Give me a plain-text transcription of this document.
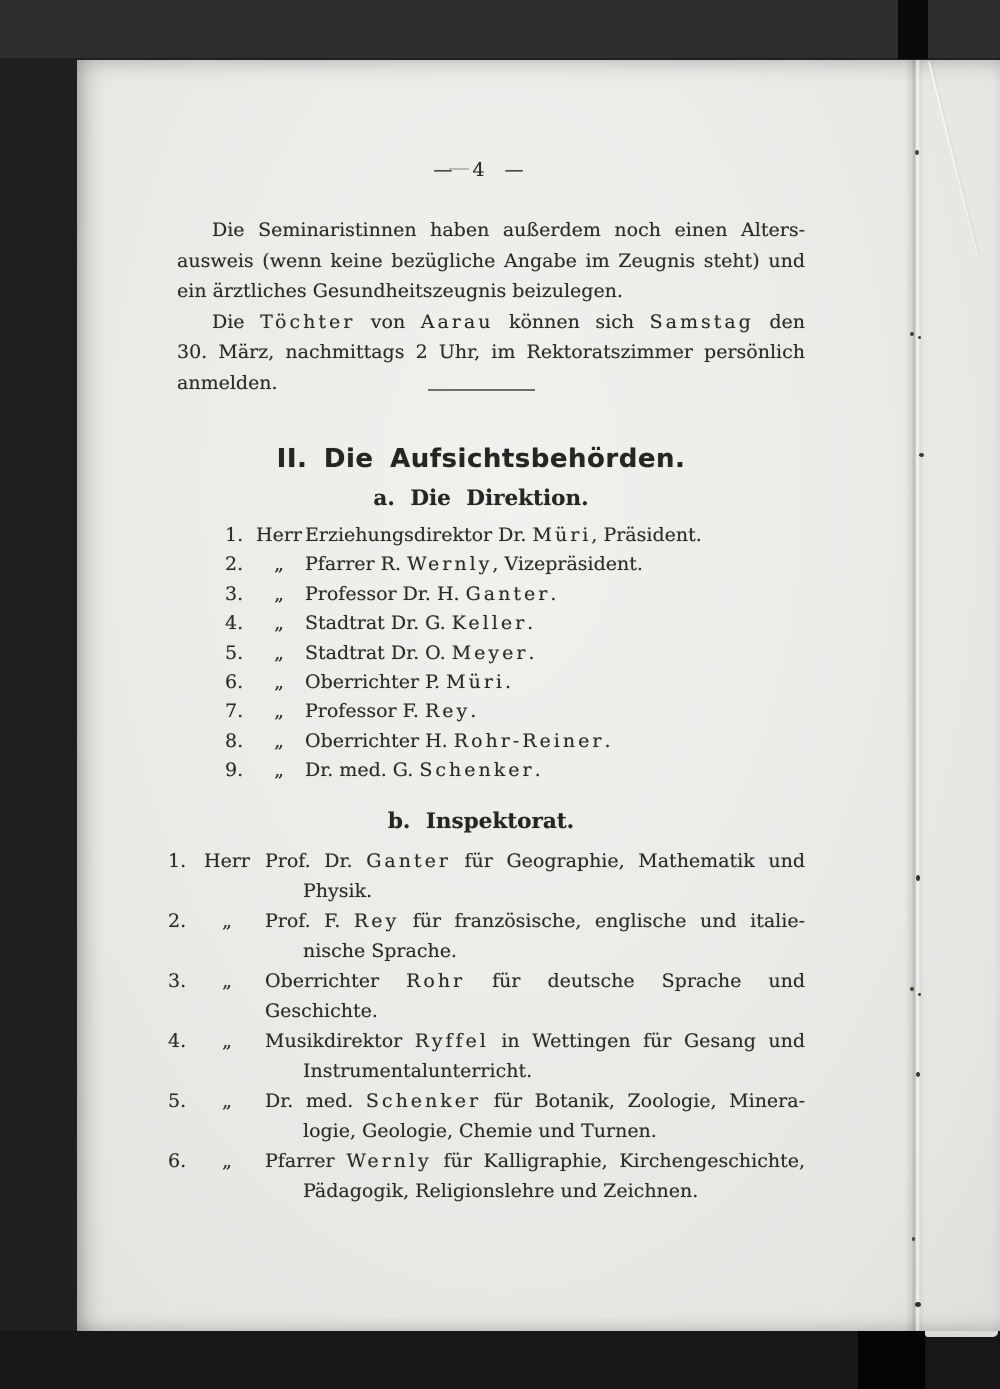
— 4 —
Die Seminaristinnen haben außerdem noch einen Alters-
ausweis (wenn keine bezügliche Angabe im Zeugnis steht) und
ein ärztliches Gesundheitszeugnis beizulegen.
Die Töchter von Aarau können sich Samstag den
30. März, nachmittags 2 Uhr, im Rektoratszimmer persönlich
anmelden.
II. Die Aufsichtsbehörden.
a. Die Direktion.
1. Herr Erziehungsdirektor Dr. Müri, Präsident.
2.	„	Pfarrer R. Wernly, Vizepräsident.
3.	„	Professor Dr. H. Ganter.
4.	„	Stadtrat Dr. G. Keller.
5.	„	Stadtrat Dr. O. Meyer.
6.	„	Oberrichter P. Müri.
7.	„	Professor F. Rey.
8.	„	Oberrichter H. Rohr-Reiner.
9.	„	Dr. med. G. Schenker.
b. Inspektorat.
1. Herr Prof. Dr. Ganter für Geographie, Mathematik und
Physik.
2.	„	Prof. F. Rey für französische, englische und italie-
nische Sprache.
3.	„	Oberrichter Rohr für deutsche Sprache und Geschichte.
4.	„	Musikdirektor Ryffel in Wettingen für Gesang und
Instrumentalunterricht.
5.	„	Dr. med. Schenker für Botanik, Zoologie, Minera-
logie, Geologie, Chemie und Turnen.
6.	„	Pfarrer Wernly für Kalligraphie, Kirchengeschichte,
Pädagogik, Religionslehre und Zeichnen.
